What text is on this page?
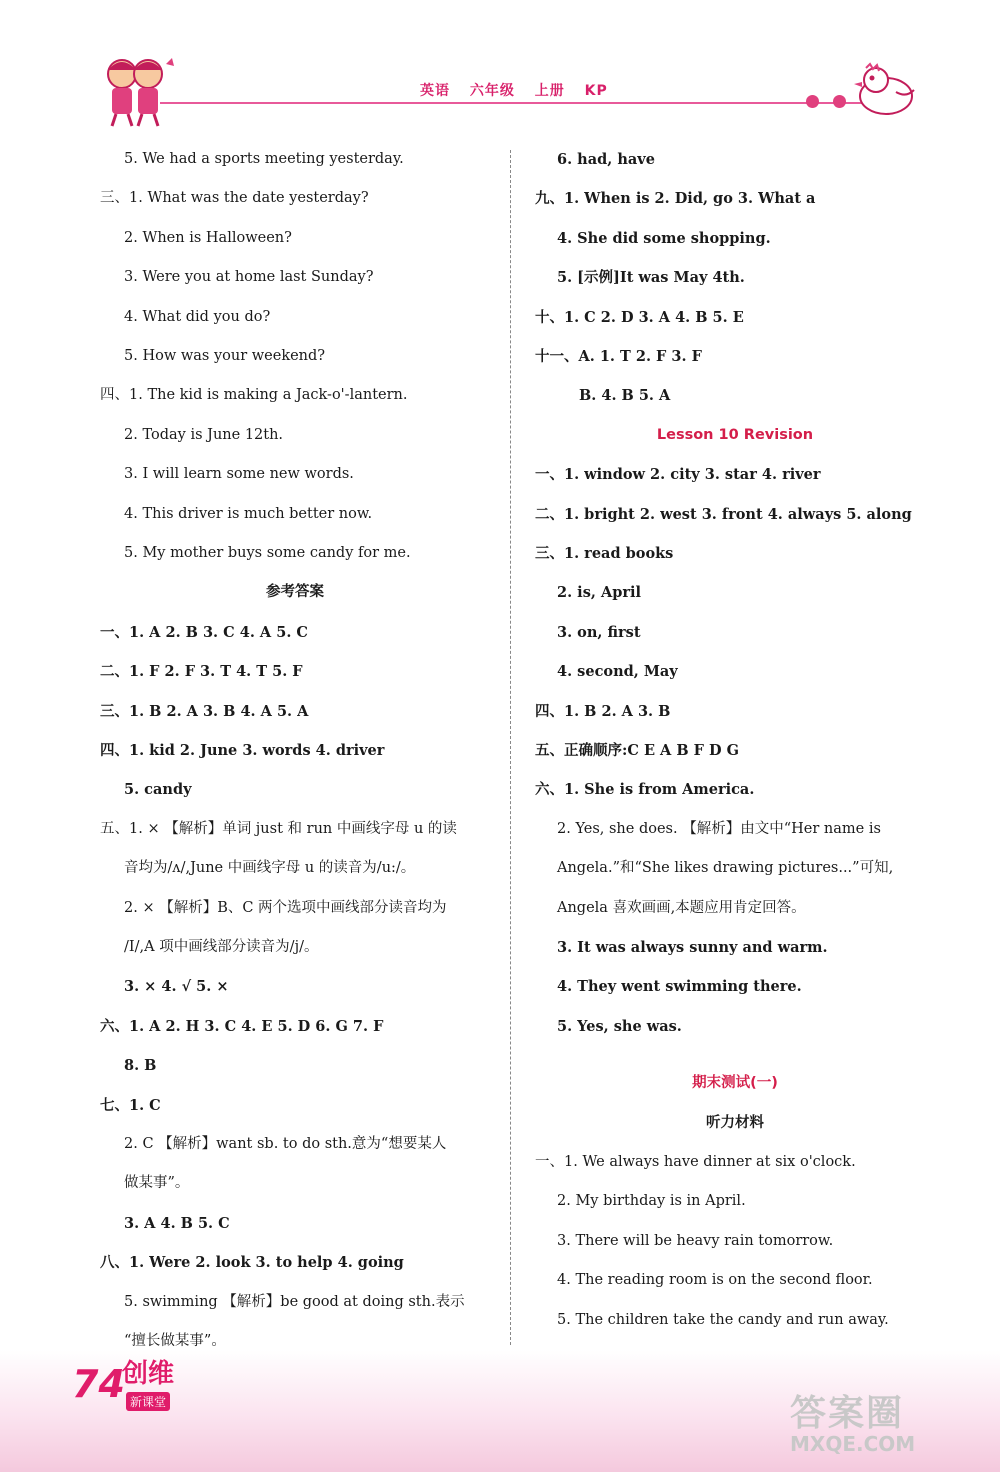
英语 六年级 上册 KP
5. We had a sports meeting yesterday.
三、1. What was the date yesterday?
2. When is Halloween?
3. Were you at home last Sunday?
4. What did you do?
5. How was your weekend?
四、1. The kid is making a Jack-o'-lantern.
2. Today is June 12th.
3. I will learn some new words.
4. This driver is much better now.
5. My mother buys some candy for me.
参考答案
一、1. A 2. B 3. C 4. A 5. C
二、1. F 2. F 3. T 4. T 5. F
三、1. B 2. A 3. B 4. A 5. A
四、1. kid 2. June 3. words 4. driver
5. candy
五、1. × 【解析】单词 just 和 run 中画线字母 u 的读
音均为/ʌ/,June 中画线字母 u 的读音为/u:/。
2. × 【解析】B、C 两个选项中画线部分读音均为
/I/,A 项中画线部分读音为/j/。
3. × 4. √ 5. ×
六、1. A 2. H 3. C 4. E 5. D 6. G 7. F
8. B
七、1. C
2. C 【解析】want sb. to do sth.意为“想要某人
做某事”。
3. A 4. B 5. C
八、1. Were 2. look 3. to help 4. going
5. swimming 【解析】be good at doing sth.表示
“擅长做某事”。
6. had, have
九、1. When is 2. Did, go 3. What a
4. She did some shopping.
5. [示例]It was May 4th.
十、1. C 2. D 3. A 4. B 5. E
十一、A. 1. T 2. F 3. F
B. 4. B 5. A
Lesson 10 Revision
一、1. window 2. city 3. star 4. river
二、1. bright 2. west 3. front 4. always 5. along
三、1. read books
2. is, April
3. on, first
4. second, May
四、1. B 2. A 3. B
五、正确顺序:C E A B F D G
六、1. She is from America.
2. Yes, she does. 【解析】由文中“Her name is
Angela.”和“She likes drawing pictures...”可知,
Angela 喜欢画画,本题应用肯定回答。
3. It was always sunny and warm.
4. They went swimming there.
5. Yes, she was.
期末测试(一)
听力材料
一、1. We always have dinner at six o'clock.
2. My birthday is in April.
3. There will be heavy rain tomorrow.
4. The reading room is on the second floor.
5. The children take the candy and run away.
74
创维
新课堂	答案圈
MXQE.COM
